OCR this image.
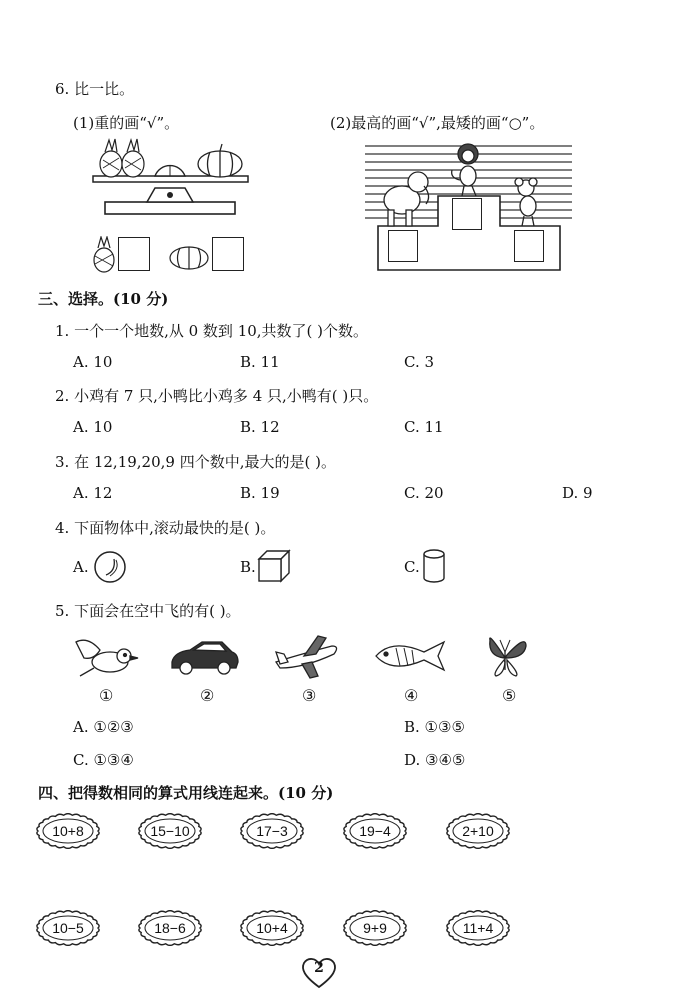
6. 比一比。
(1)重的画“√”。	(2)最高的画“√”,最矮的画“○”。
三、选择。(10 分)
1. 一个一个地数,从 0 数到 10,共数了( )个数。
A. 10	B. 11	C. 3
2. 小鸡有 7 只,小鸭比小鸡多 4 只,小鸭有( )只。
A. 10	B. 12	C. 11
3. 在 12,19,20,9 四个数中,最大的是( )。
A. 12	B. 19	C. 20	D. 9
4. 下面物体中,滚动最快的是( )。
A.	B.	C.
5. 下面会在空中飞的有( )。
①	②	③	④	⑤
A. ①②③	B. ①③⑤
C. ①③④	D. ③④⑤
四、把得数相同的算式用线连起来。(10 分)
10+8	15−10	17−3	19−4	2+10
10−5	18−6	10+4	9+9	11+4
2
